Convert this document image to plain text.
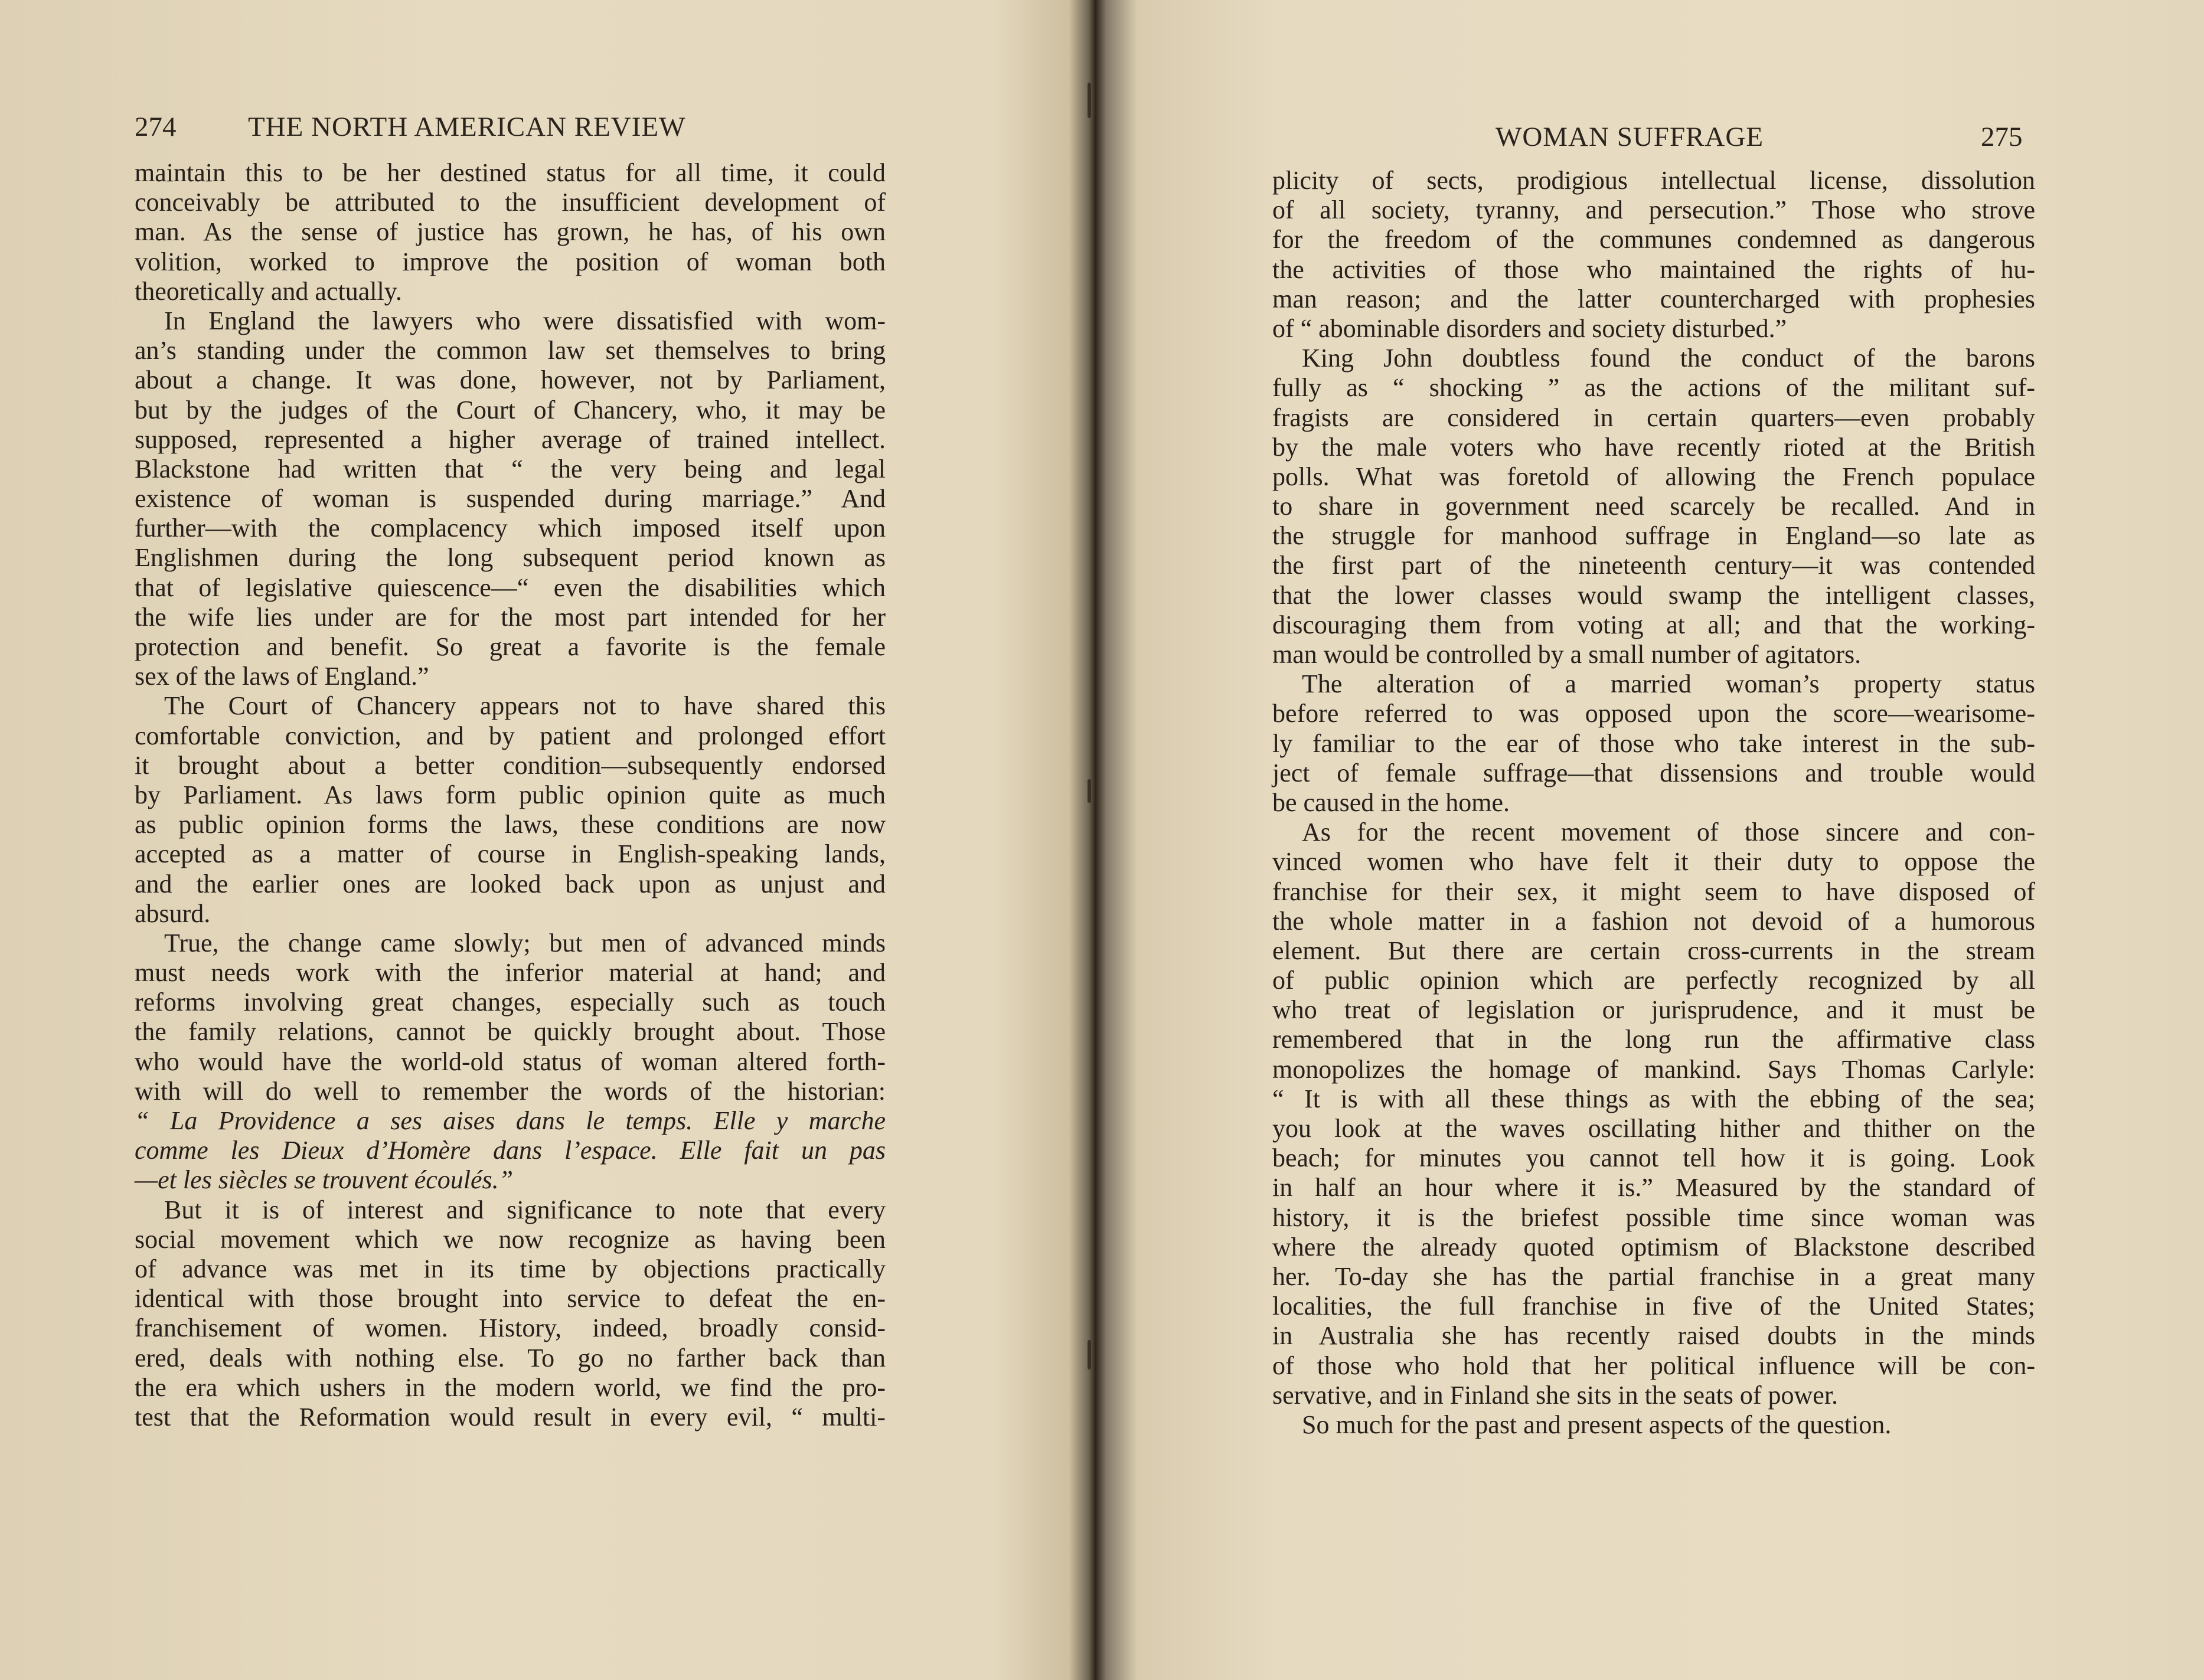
274	THE NORTH AMERICAN REVIEW
maintain this to be her destined status for all time, it could
conceivably be attributed to the insufficient development of
man. As the sense of justice has grown, he has, of his own
volition, worked to improve the position of woman both
theoretically and actually.
In England the lawyers who were dissatisfied with wom-
an’s standing under the common law set themselves to bring
about a change. It was done, however, not by Parliament,
but by the judges of the Court of Chancery, who, it may be
supposed, represented a higher average of trained intellect.
Blackstone had written that “ the very being and legal
existence of woman is suspended during marriage.” And
further—with the complacency which imposed itself upon
Englishmen during the long subsequent period known as
that of legislative quiescence—“ even the disabilities which
the wife lies under are for the most part intended for her
protection and benefit. So great a favorite is the female
sex of the laws of England.”
The Court of Chancery appears not to have shared this
comfortable conviction, and by patient and prolonged effort
it brought about a better condition—subsequently endorsed
by Parliament. As laws form public opinion quite as much
as public opinion forms the laws, these conditions are now
accepted as a matter of course in English-speaking lands,
and the earlier ones are looked back upon as unjust and
absurd.
True, the change came slowly; but men of advanced minds
must needs work with the inferior material at hand; and
reforms involving great changes, especially such as touch
the family relations, cannot be quickly brought about. Those
who would have the world-old status of woman altered forth-
with will do well to remember the words of the historian:
“ La Providence a ses aises dans le temps. Elle y marche
comme les Dieux d’Homère dans l’espace. Elle fait un pas
—et les siècles se trouvent écoulés.”
But it is of interest and significance to note that every
social movement which we now recognize as having been
of advance was met in its time by objections practically
identical with those brought into service to defeat the en-
franchisement of women. History, indeed, broadly consid-
ered, deals with nothing else. To go no farther back than
the era which ushers in the modern world, we find the pro-
test that the Reformation would result in every evil, “ multi-
WOMAN SUFFRAGE	275
plicity of sects, prodigious intellectual license, dissolution
of all society, tyranny, and persecution.” Those who strove
for the freedom of the communes condemned as dangerous
the activities of those who maintained the rights of hu-
man reason; and the latter countercharged with prophesies
of “ abominable disorders and society disturbed.”
King John doubtless found the conduct of the barons
fully as “ shocking ” as the actions of the militant suf-
fragists are considered in certain quarters—even probably
by the male voters who have recently rioted at the British
polls. What was foretold of allowing the French populace
to share in government need scarcely be recalled. And in
the struggle for manhood suffrage in England—so late as
the first part of the nineteenth century—it was contended
that the lower classes would swamp the intelligent classes,
discouraging them from voting at all; and that the working-
man would be controlled by a small number of agitators.
The alteration of a married woman’s property status
before referred to was opposed upon the score—wearisome-
ly familiar to the ear of those who take interest in the sub-
ject of female suffrage—that dissensions and trouble would
be caused in the home.
As for the recent movement of those sincere and con-
vinced women who have felt it their duty to oppose the
franchise for their sex, it might seem to have disposed of
the whole matter in a fashion not devoid of a humorous
element. But there are certain cross-currents in the stream
of public opinion which are perfectly recognized by all
who treat of legislation or jurisprudence, and it must be
remembered that in the long run the affirmative class
monopolizes the homage of mankind. Says Thomas Carlyle:
“ It is with all these things as with the ebbing of the sea;
you look at the waves oscillating hither and thither on the
beach; for minutes you cannot tell how it is going. Look
in half an hour where it is.” Measured by the standard of
history, it is the briefest possible time since woman was
where the already quoted optimism of Blackstone described
her. To-day she has the partial franchise in a great many
localities, the full franchise in five of the United States;
in Australia she has recently raised doubts in the minds
of those who hold that her political influence will be con-
servative, and in Finland she sits in the seats of power.
So much for the past and present aspects of the question.
